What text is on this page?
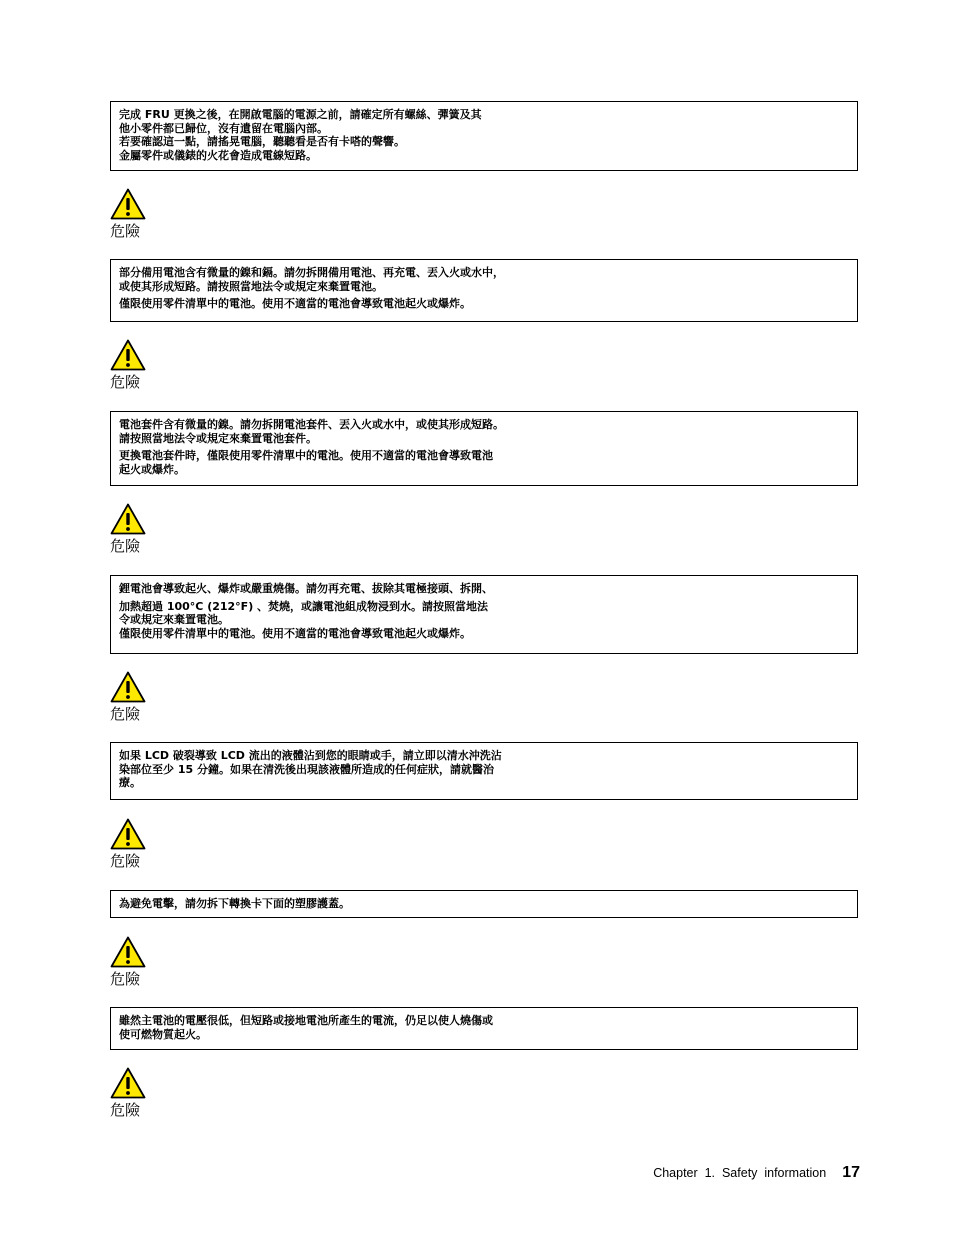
完成 FRU 更換之後，在開啟電腦的電源之前，請確定所有螺絲、彈簧及其
他小零件都已歸位，沒有遺留在電腦內部。
若要確認這一點，請搖晃電腦，聽聽看是否有卡嗒的聲響。
金屬零件或儀錶的火花會造成電線短路。

危險

部分備用電池含有微量的鎳和鎘。請勿拆開備用電池、再充電、丟入火或水中，
或使其形成短路。請按照當地法令或規定來棄置電池。

僅限使用零件清單中的電池。使用不適當的電池會導致電池起火或爆炸。

危險

電池套件含有微量的鎳。請勿拆開電池套件、丟入火或水中，或使其形成短路。
請按照當地法令或規定來棄置電池套件。

更換電池套件時，僅限使用零件清單中的電池。使用不適當的電池會導致電池
起火或爆炸。

危險

鋰電池會導致起火、爆炸或嚴重燒傷。請勿再充電、拔除其電極接頭、拆開、

加熱超過 100°C (212°F) 、焚燒，或讓電池組成物浸到水。請按照當地法
令或規定來棄置電池。
僅限使用零件清單中的電池。使用不適當的電池會導致電池起火或爆炸。

危險

如果 LCD 破裂導致 LCD 流出的液體沾到您的眼睛或手，請立即以清水沖洗沾
染部位至少 15 分鐘。如果在清洗後出現該液體所造成的任何症狀，請就醫治
療。

危險

為避免電擊，請勿拆下轉換卡下面的塑膠護蓋。

危險

雖然主電池的電壓很低，但短路或接地電池所產生的電流，仍足以使人燒傷或
使可燃物質起火。

危險
Chapter  1.  Safety  information 17
